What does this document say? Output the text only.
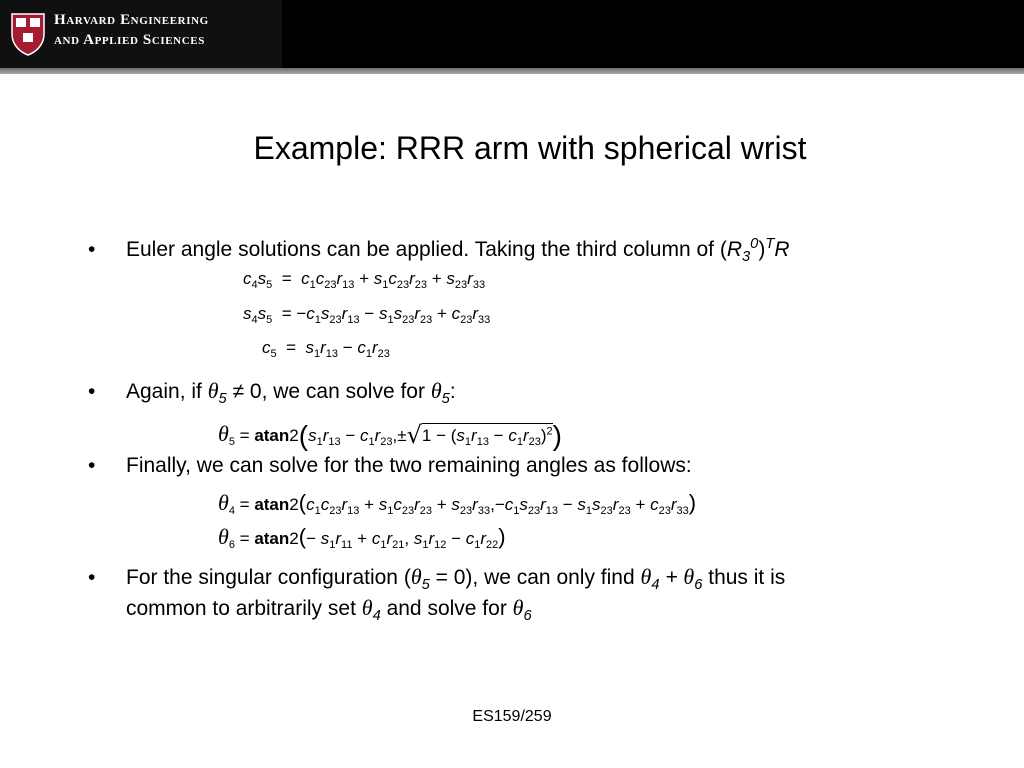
Harvard Engineering
and Applied Sciences
Example: RRR arm with spherical wrist
• Euler angle solutions can be applied. Taking the third column of $(R_3^0)^TR$
$c_4s_5 = c_1c_{23}r_{13} + s_1c_{23}r_{23} + s_{23}r_{33}$
$s_4s_5 = -c_1s_{23}r_{13} - s_1s_{23}r_{23} + c_{23}r_{33}$
$c_5 = s_1r_{13} - c_1r_{23}$
• Again, if $\theta_5 \ne 0$, we can solve for $\theta_5$:
$\theta_5 = atan2(s_1r_{13} - c_1r_{23},\pm√1 - (s_1r_{13} - c_1r_{23})^2)$
• Finally, we can solve for the two remaining angles as follows:
$\theta_4 = atan2(c_1c_{23}r_{13} + s_1c_{23}r_{23} + s_{23}r_{33},-c_1s_{23}r_{13} - s_1s_{23}r_{23} + c_{23}r_{33})$
$\theta_6 = atan2(- s_1r_{11} + c_1r_{21}$, $s_1r_{12} - c_1r_{22}$)
• For the singular configuration $(\theta_5 = 0)$, we can only find $\theta_4 + \theta_6$ thus it is
common to arbitrarily set $\theta_4$ and solve for $\theta_6$
ES159/259
